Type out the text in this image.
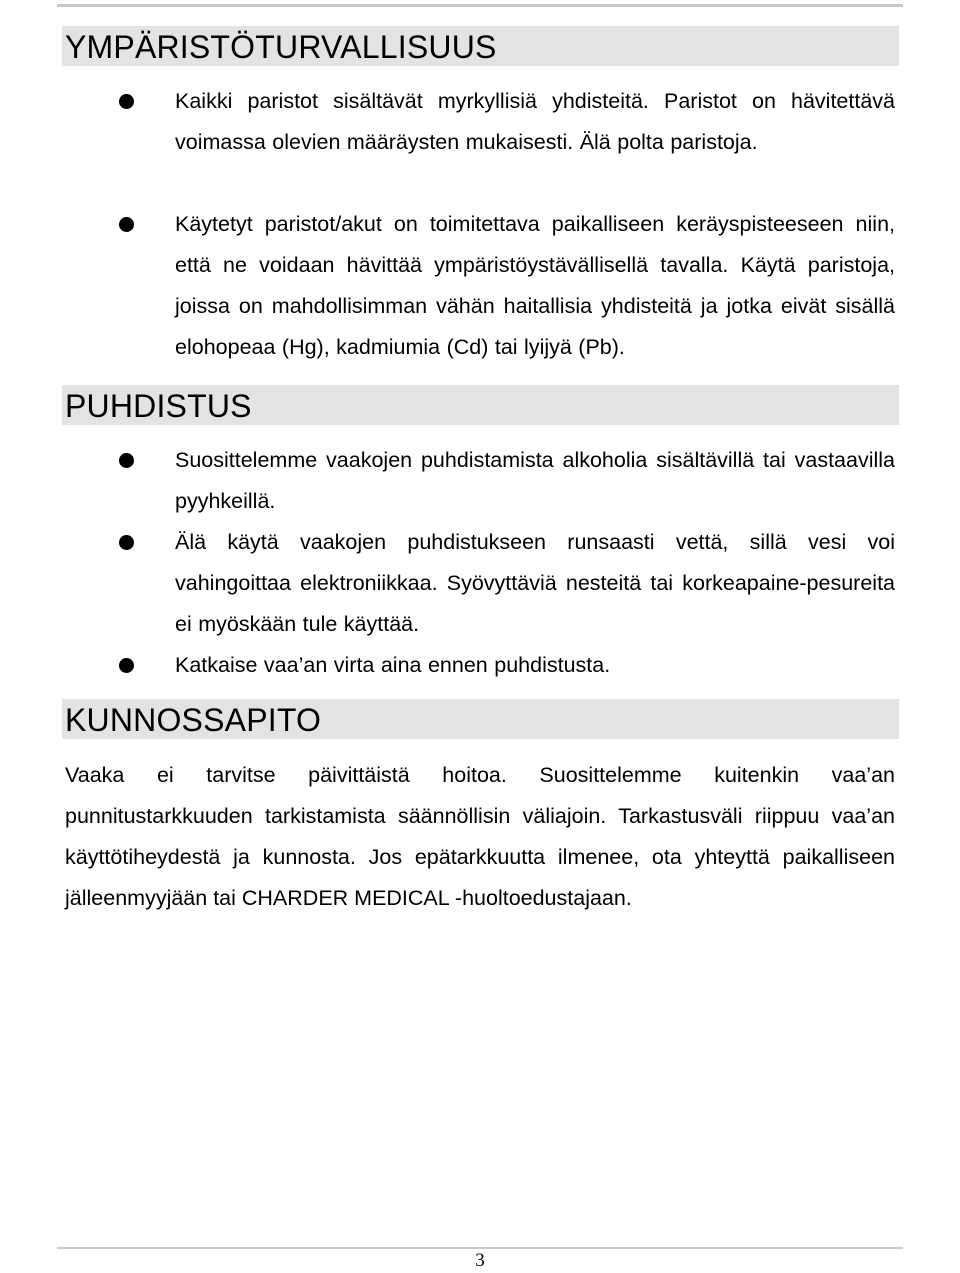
YMPÄRISTÖTURVALLISUUS
Kaikki paristot sisältävät myrkyllisiä yhdisteitä. Paristot on hävitettävä voimassa olevien määräysten mukaisesti. Älä polta paristoja.
Käytetyt paristot/akut on toimitettava paikalliseen keräyspisteeseen niin, että ne voidaan hävittää ympäristöystävällisellä tavalla. Käytä paristoja, joissa on mahdollisimman vähän haitallisia yhdisteitä ja jotka eivät sisällä elohopeaa (Hg), kadmiumia (Cd) tai lyijyä (Pb).
PUHDISTUS
Suosittelemme vaakojen puhdistamista alkoholia sisältävillä tai vastaavilla pyyhkeillä.
Älä käytä vaakojen puhdistukseen runsaasti vettä, sillä vesi voi vahingoittaa elektroniikkaa. Syövyttäviä nesteitä tai korkeapaine-pesureita ei myöskään tule käyttää.
Katkaise vaa’an virta aina ennen puhdistusta.
KUNNOSSAPITO

Vaaka ei tarvitse päivittäistä hoitoa. Suosittelemme kuitenkin vaa’an punnitustarkkuuden tarkistamista säännöllisin väliajoin. Tarkastusväli riippuu vaa’an käyttötiheydestä ja kunnosta. Jos epätarkkuutta ilmenee, ota yhteyttä paikalliseen jälleenmyyjään tai CHARDER MEDICAL -huoltoedustajaan.

3
